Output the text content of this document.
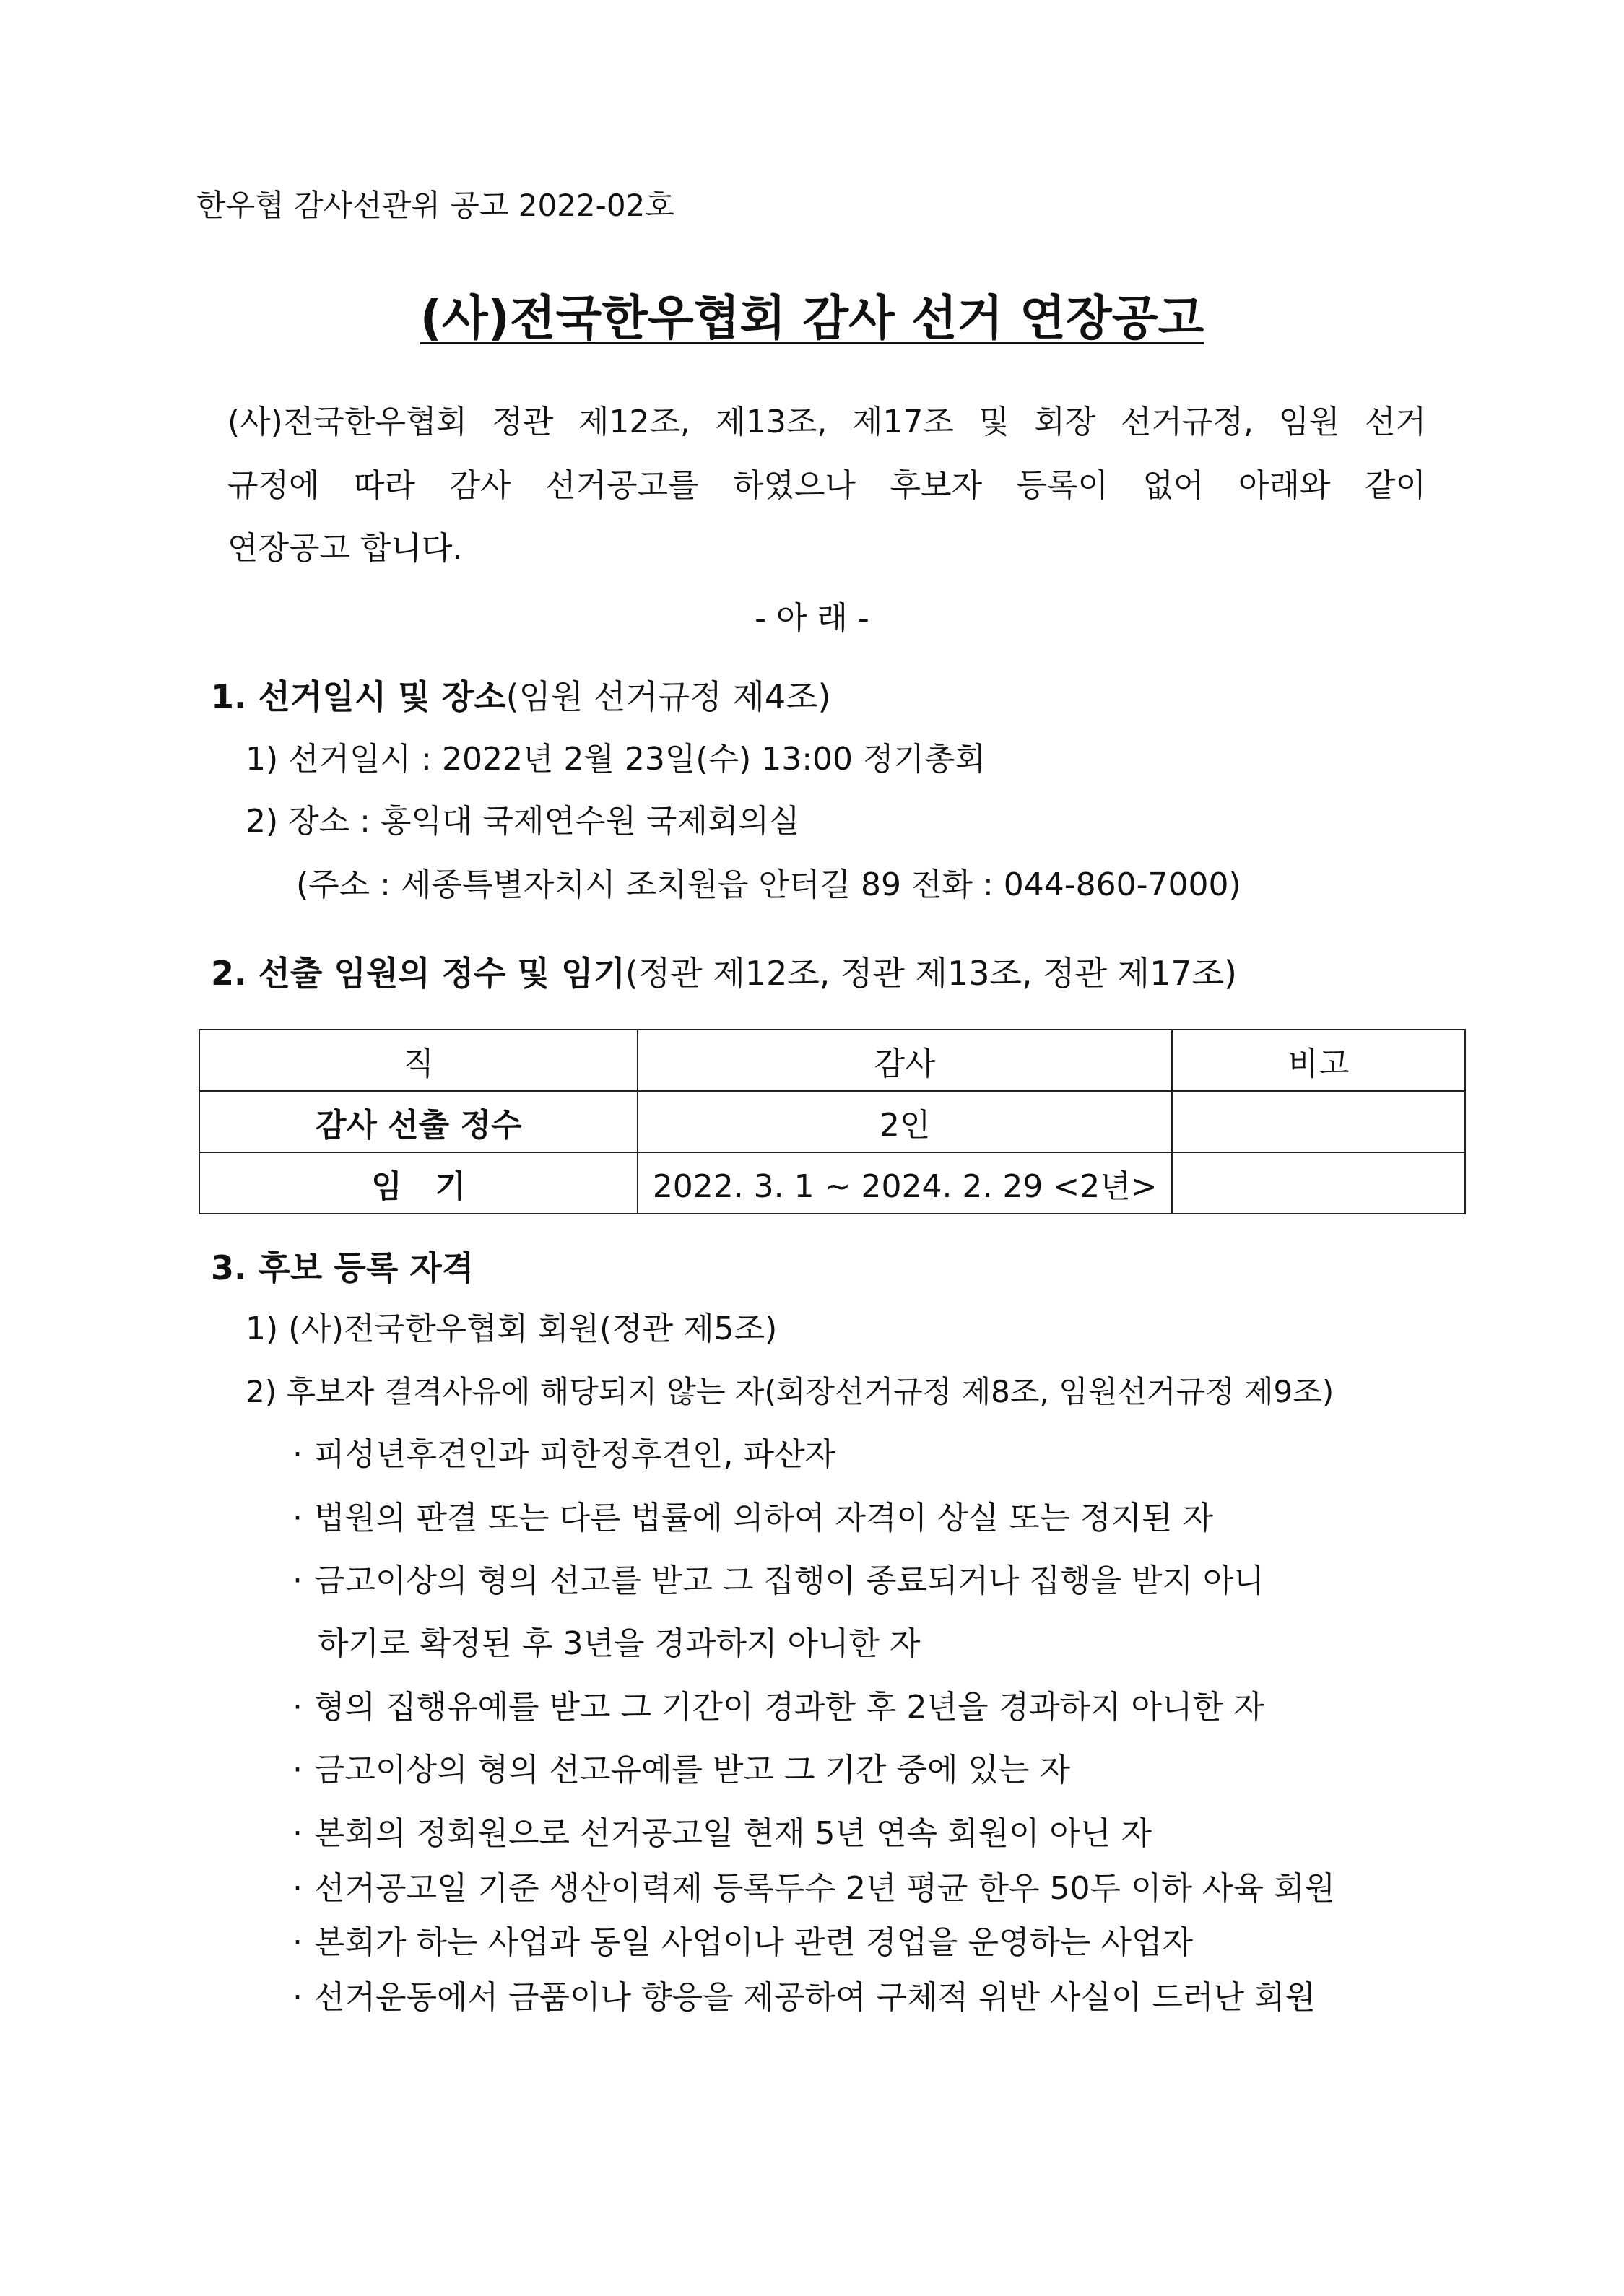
한우협 감사선관위 공고 2022-02호
(사)전국한우협회 감사 선거 연장공고
(사)전국한우협회 정관 제12조, 제13조, 제17조 및 회장 선거규정, 임원 선거
규정에 따라 감사 선거공고를 하였으나 후보자 등록이 없어 아래와 같이
연장공고 합니다.
- 아 래 -
1. 선거일시 및 장소(임원 선거규정 제4조)
1) 선거일시 : 2022년 2월 23일(수) 13:00 정기총회
2) 장소 : 홍익대 국제연수원 국제회의실
(주소 : 세종특별자치시 조치원읍 안터길 89 전화 : 044-860-7000)
2. 선출 임원의 정수 및 임기(정관 제12조, 정관 제13조, 정관 제17조)
직	감사	비고
감사 선출 정수	2인	
임   기	2022. 3. 1 ~ 2024. 2. 29 <2년>	
3. 후보 등록 자격
1) (사)전국한우협회 회원(정관 제5조)
2) 후보자 결격사유에 해당되지 않는 자(회장선거규정 제8조, 임원선거규정 제9조)
· 피성년후견인과 피한정후견인, 파산자
· 법원의 판결 또는 다른 법률에 의하여 자격이 상실 또는 정지된 자
· 금고이상의 형의 선고를 받고 그 집행이 종료되거나 집행을 받지 아니
하기로 확정된 후 3년을 경과하지 아니한 자
· 형의 집행유예를 받고 그 기간이 경과한 후 2년을 경과하지 아니한 자
· 금고이상의 형의 선고유예를 받고 그 기간 중에 있는 자
· 본회의 정회원으로 선거공고일 현재 5년 연속 회원이 아닌 자
· 선거공고일 기준 생산이력제 등록두수 2년 평균 한우 50두 이하 사육 회원
· 본회가 하는 사업과 동일 사업이나 관련 경업을 운영하는 사업자
· 선거운동에서 금품이나 향응을 제공하여 구체적 위반 사실이 드러난 회원
